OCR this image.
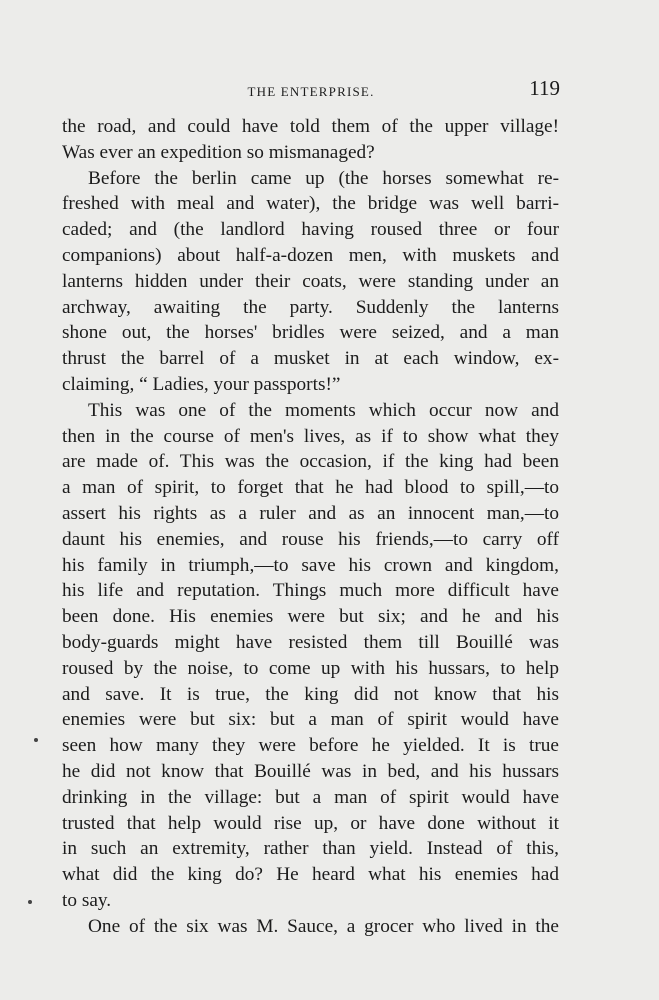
THE ENTERPRISE.	119
the road, and could have told them of the upper village!
Was ever an expedition so mismanaged?
Before the berlin came up (the horses somewhat re-
freshed with meal and water), the bridge was well barri-
caded; and (the landlord having roused three or four
companions) about half-a-dozen men, with muskets and
lanterns hidden under their coats, were standing under an
archway, awaiting the party. Suddenly the lanterns
shone out, the horses' bridles were seized, and a man
thrust the barrel of a musket in at each window, ex-
claiming, “ Ladies, your passports!”
This was one of the moments which occur now and
then in the course of men's lives, as if to show what they
are made of. This was the occasion, if the king had been
a man of spirit, to forget that he had blood to spill,—to
assert his rights as a ruler and as an innocent man,—to
daunt his enemies, and rouse his friends,—to carry off
his family in triumph,—to save his crown and kingdom,
his life and reputation. Things much more difficult have
been done. His enemies were but six; and he and his
body-guards might have resisted them till Bouillé was
roused by the noise, to come up with his hussars, to help
and save. It is true, the king did not know that his
enemies were but six: but a man of spirit would have
seen how many they were before he yielded. It is true
he did not know that Bouillé was in bed, and his hussars
drinking in the village: but a man of spirit would have
trusted that help would rise up, or have done without it
in such an extremity, rather than yield. Instead of this,
what did the king do? He heard what his enemies had
to say.
One of the six was M. Sauce, a grocer who lived in the
